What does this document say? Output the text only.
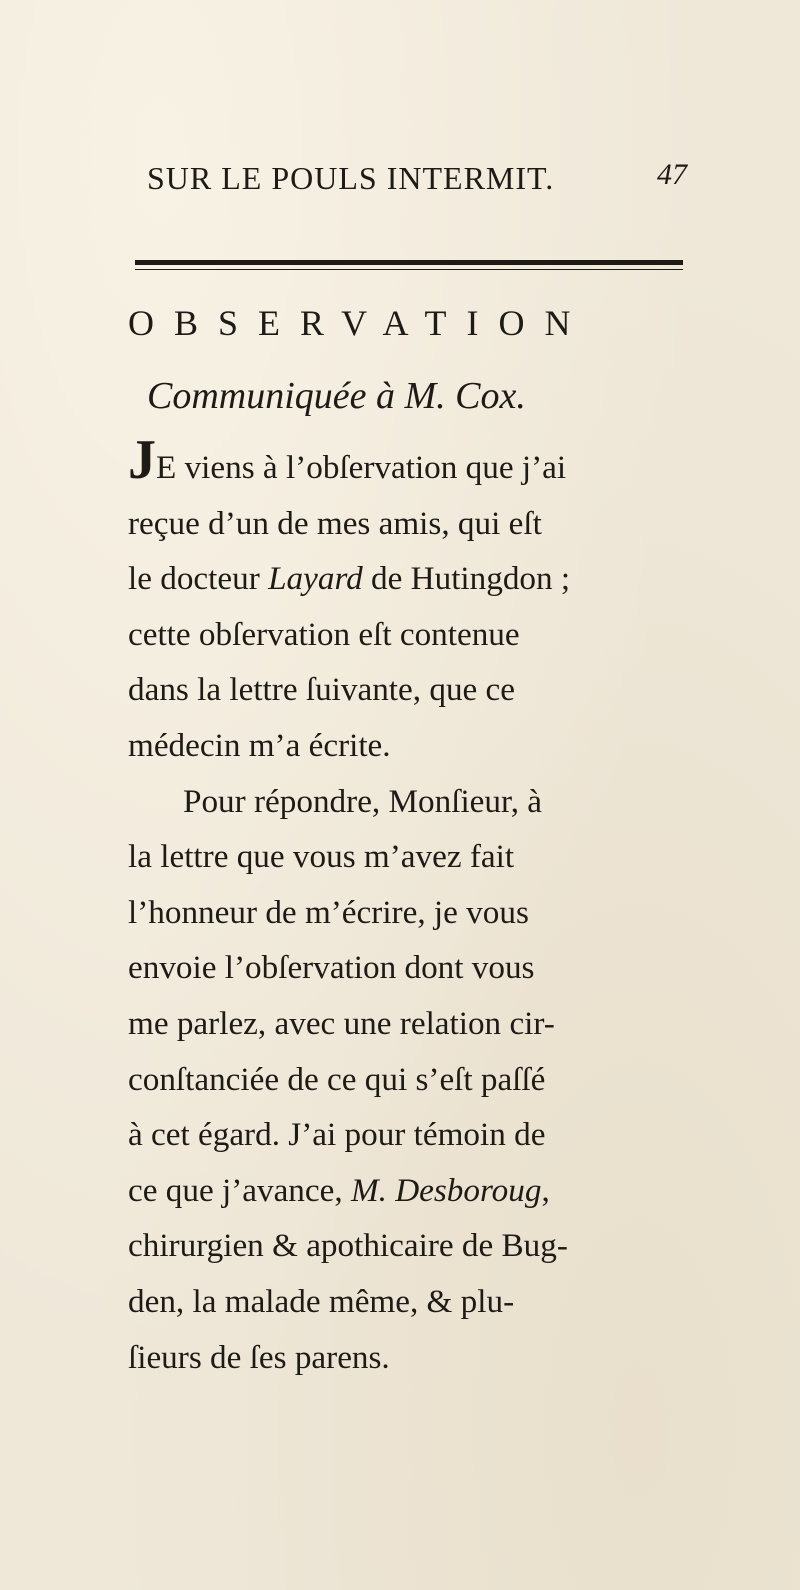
SUR LE POULS INTERMIT.	47
OBSERVATION
Communiquée à M. Cox.
JE viens à l’obſervation que j’ai
reçue d’un de mes amis, qui eſt
le docteur Layard de Hutingdon ;
cette obſervation eſt contenue
dans la lettre ſuivante, que ce
médecin m’a écrite.
Pour répondre, Monſieur, à
la lettre que vous m’avez fait
l’honneur de m’écrire, je vous
envoie l’obſervation dont vous
me parlez, avec une relation cir-
conſtanciée de ce qui s’eſt paſſé
à cet égard. J’ai pour témoin de
ce que j’avance, M. Desboroug,
chirurgien & apothicaire de Bug-
den, la malade même, & plu-
ſieurs de ſes parens.
